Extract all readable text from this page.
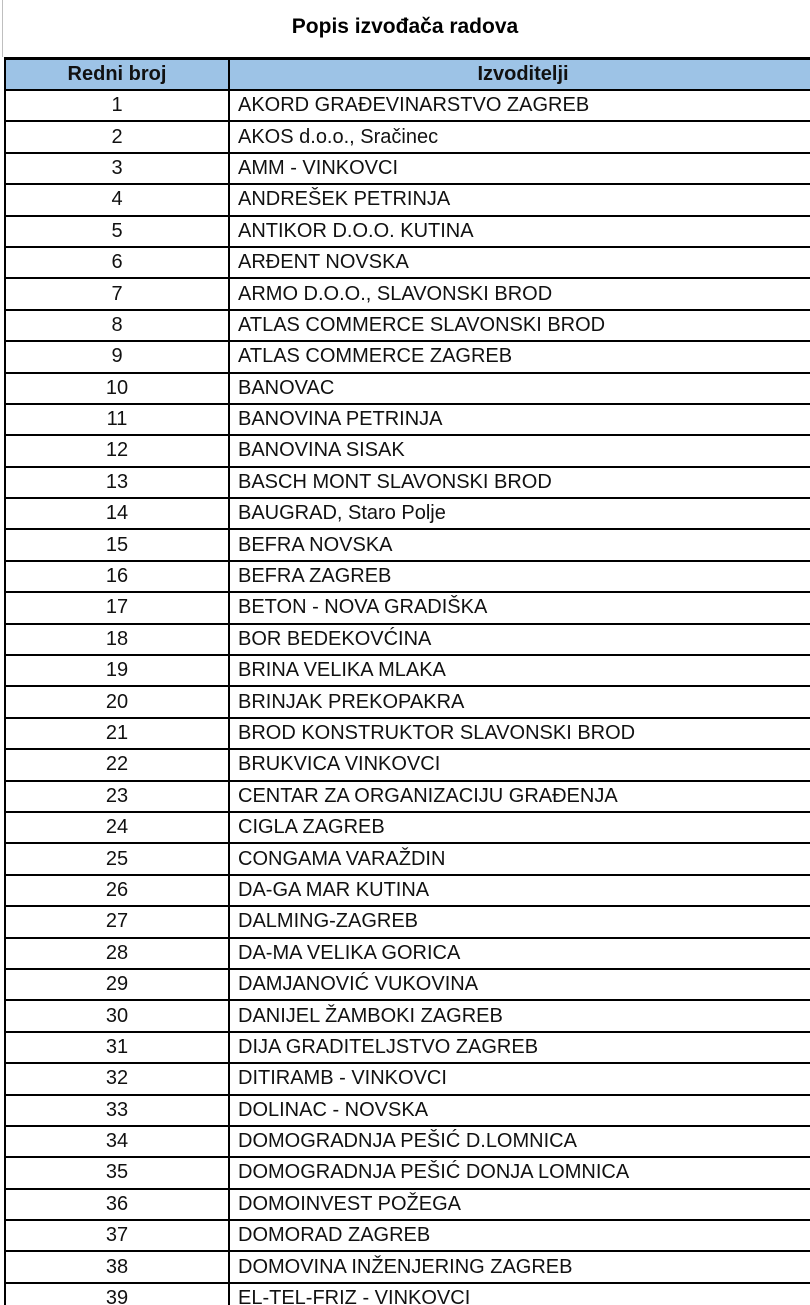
Popis izvođača radova
Redni broj	Izvoditelji
1	AKORD GRAĐEVINARSTVO ZAGREB
2	AKOS d.o.o., Sračinec
3	AMM - VINKOVCI
4	ANDREŠEK PETRINJA
5	ANTIKOR D.O.O. KUTINA
6	ARĐENT NOVSKA
7	ARMO D.O.O., SLAVONSKI BROD
8	ATLAS COMMERCE SLAVONSKI BROD
9	ATLAS COMMERCE ZAGREB
10	BANOVAC
11	BANOVINA PETRINJA
12	BANOVINA SISAK
13	BASCH MONT SLAVONSKI BROD
14	BAUGRAD, Staro Polje
15	BEFRA NOVSKA
16	BEFRA ZAGREB
17	BETON - NOVA GRADIŠKA
18	BOR BEDEKOVĆINA
19	BRINA VELIKA MLAKA
20	BRINJAK PREKOPAKRA
21	BROD KONSTRUKTOR SLAVONSKI BROD
22	BRUKVICA VINKOVCI
23	CENTAR ZA ORGANIZACIJU GRAĐENJA
24	CIGLA ZAGREB
25	CONGAMA VARAŽDIN
26	DA-GA MAR KUTINA
27	DALMING-ZAGREB
28	DA-MA VELIKA GORICA
29	DAMJANOVIĆ VUKOVINA
30	DANIJEL ŽAMBOKI ZAGREB
31	DIJA GRADITELJSTVO ZAGREB
32	DITIRAMB - VINKOVCI
33	DOLINAC - NOVSKA
34	DOMOGRADNJA PEŠIĆ D.LOMNICA
35	DOMOGRADNJA PEŠIĆ DONJA LOMNICA
36	DOMOINVEST POŽEGA
37	DOMORAD ZAGREB
38	DOMOVINA INŽENJERING ZAGREB
39	EL-TEL-FRIZ - VINKOVCI
